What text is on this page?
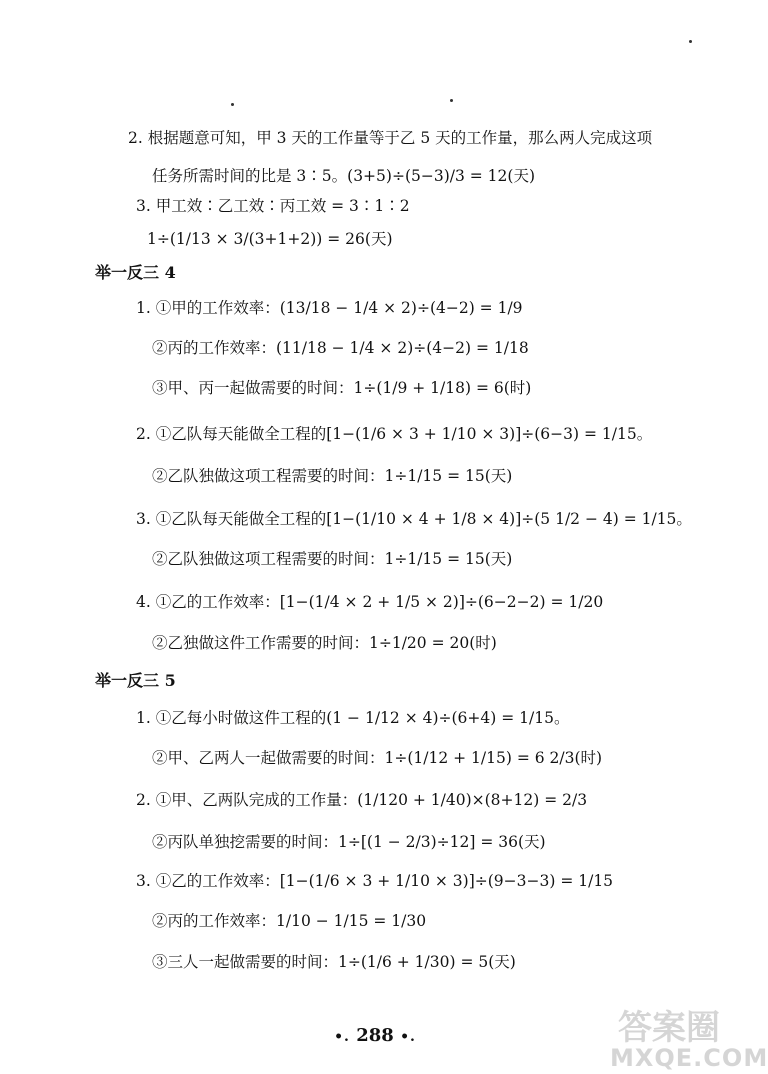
2. 根据题意可知，甲 3 天的工作量等于乙 5 天的工作量，那么两人完成这项
任务所需时间的比是 3∶5。(3+5)÷(5−3)/3 = 12(天)
3. 甲工效∶乙工效∶丙工效 = 3∶1∶2
1÷(1/13 × 3/(3+1+2)) = 26(天)
举一反三 4
1. ①甲的工作效率：(13/18 − 1/4 × 2)÷(4−2) = 1/9
②丙的工作效率：(11/18 − 1/4 × 2)÷(4−2) = 1/18
③甲、丙一起做需要的时间：1÷(1/9 + 1/18) = 6(时)
2. ①乙队每天能做全工程的[1−(1/6 × 3 + 1/10 × 3)]÷(6−3) = 1/15。
②乙队独做这项工程需要的时间：1÷1/15 = 15(天)
3. ①乙队每天能做全工程的[1−(1/10 × 4 + 1/8 × 4)]÷(5 1/2 − 4) = 1/15。
②乙队独做这项工程需要的时间：1÷1/15 = 15(天)
4. ①乙的工作效率：[1−(1/4 × 2 + 1/5 × 2)]÷(6−2−2) = 1/20
②乙独做这件工作需要的时间：1÷1/20 = 20(时)
举一反三 5
1. ①乙每小时做这件工程的(1 − 1/12 × 4)÷(6+4) = 1/15。
②甲、乙两人一起做需要的时间：1÷(1/12 + 1/15) = 6 2/3(时)
2. ①甲、乙两队完成的工作量：(1/120 + 1/40)×(8+12) = 2/3
②丙队单独挖需要的时间：1÷[(1 − 2/3)÷12] = 36(天)
3. ①乙的工作效率：[1−(1/6 × 3 + 1/10 × 3)]÷(9−3−3) = 1/15
②丙的工作效率：1/10 − 1/15 = 1/30
③三人一起做需要的时间：1÷(1/6 + 1/30) = 5(天)
•. 288 •.	答案圈
MXQE.COM
